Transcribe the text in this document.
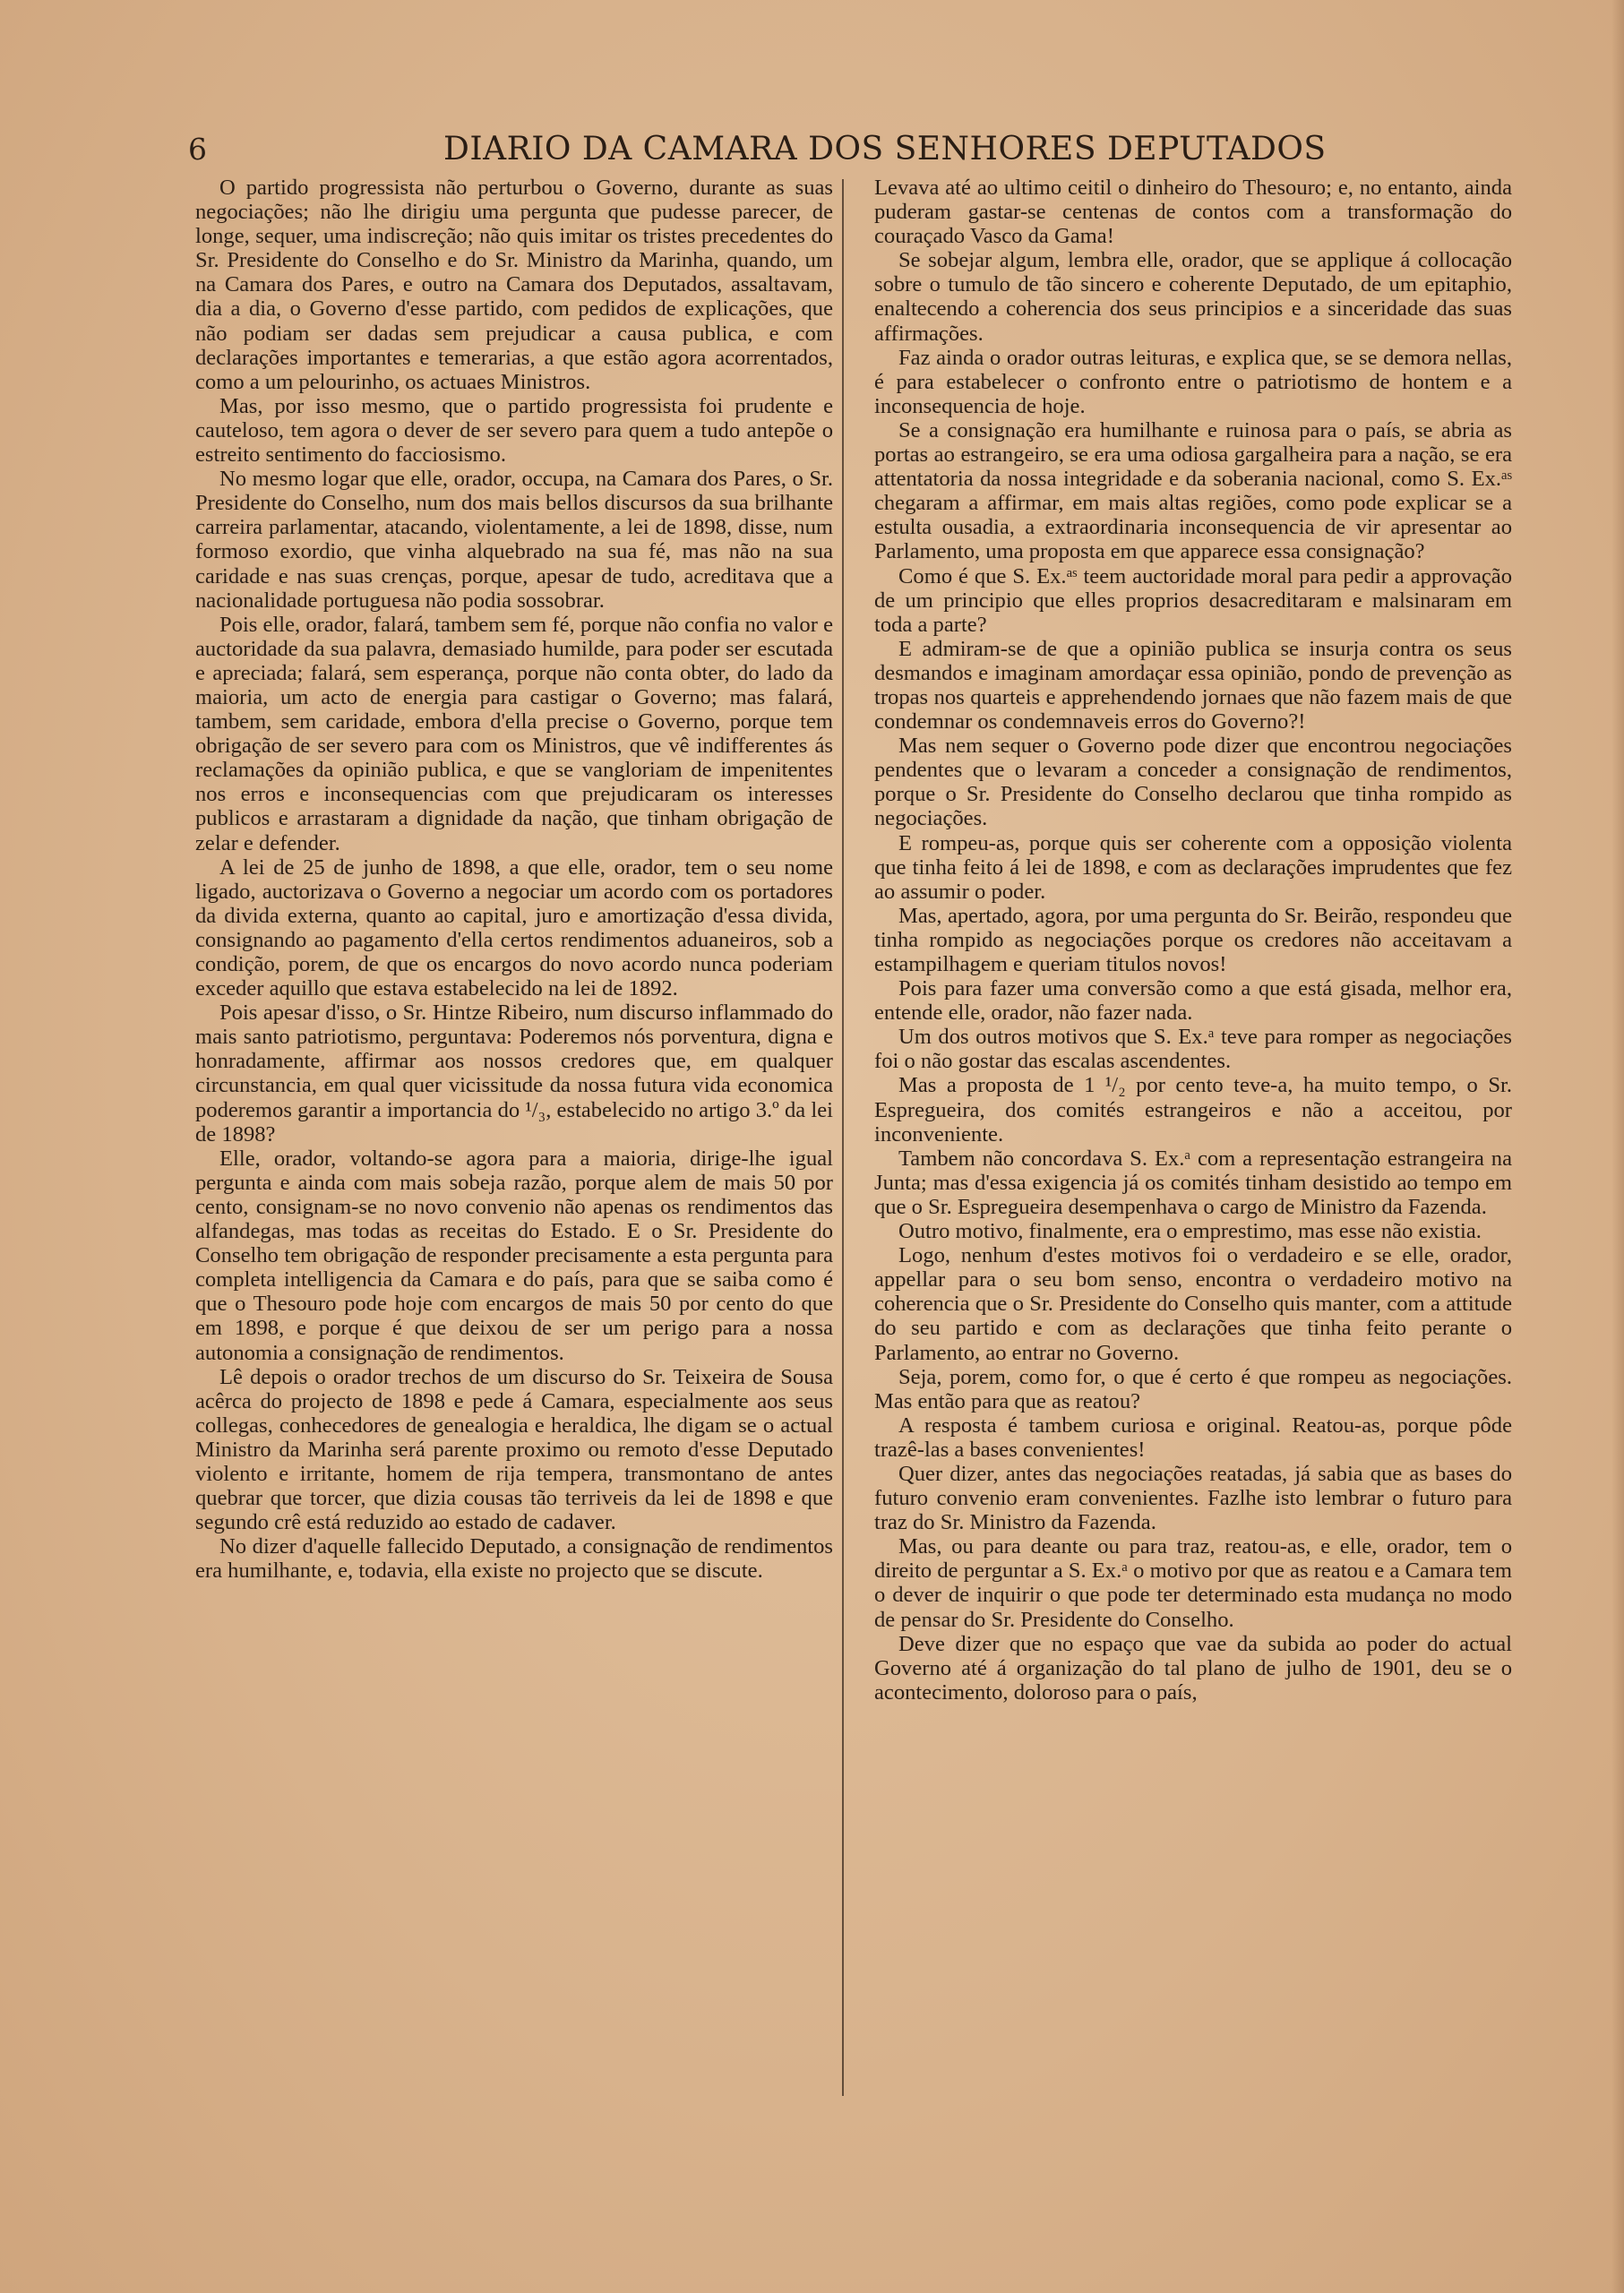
6	DIARIO DA CAMARA DOS SENHORES DEPUTADOS

O partido progressista não perturbou o Governo, durante as suas negociações; não lhe dirigiu uma pergunta que pudesse parecer, de longe, sequer, uma indiscreção; não quis imitar os tristes precedentes do Sr. Presidente do Conselho e do Sr. Ministro da Marinha, quando, um na Camara dos Pares, e outro na Camara dos Deputados, assaltavam, dia a dia, o Governo d'esse partido, com pedidos de explicações, que não podiam ser dadas sem prejudicar a causa publica, e com declarações importantes e temerarias, a que estão agora acorrentados, como a um pelourinho, os actuaes Ministros.

Mas, por isso mesmo, que o partido progressista foi prudente e cauteloso, tem agora o dever de ser severo para quem a tudo antepõe o estreito sentimento do facciosismo.

No mesmo logar que elle, orador, occupa, na Camara dos Pares, o Sr. Presidente do Conselho, num dos mais bellos discursos da sua brilhante carreira parlamentar, atacando, violentamente, a lei de 1898, disse, num formoso exordio, que vinha alquebrado na sua fé, mas não na sua caridade e nas suas crenças, porque, apesar de tudo, acreditava que a nacionalidade portuguesa não podia sossobrar.

Pois elle, orador, falará, tambem sem fé, porque não confia no valor e auctoridade da sua palavra, demasiado humilde, para poder ser escutada e apreciada; falará, sem esperança, porque não conta obter, do lado da maioria, um acto de energia para castigar o Governo; mas falará, tambem, sem caridade, embora d'ella precise o Governo, porque tem obrigação de ser severo para com os Ministros, que vê indifferentes ás reclamações da opinião publica, e que se vangloriam de impenitentes nos erros e inconsequencias com que prejudicaram os interesses publicos e arrastaram a dignidade da nação, que tinham obrigação de zelar e defender.

A lei de 25 de junho de 1898, a que elle, orador, tem o seu nome ligado, auctorizava o Governo a negociar um acordo com os portadores da divida externa, quanto ao capital, juro e amortização d'essa divida, consignando ao pagamento d'ella certos rendimentos aduaneiros, sob a condição, porem, de que os encargos do novo acordo nunca poderiam exceder aquillo que estava estabelecido na lei de 1892.

Pois apesar d'isso, o Sr. Hintze Ribeiro, num discurso inflammado do mais santo patriotismo, perguntava: Poderemos nós porventura, digna e honradamente, affirmar aos nossos credores que, em qualquer circunstancia, em qual quer vicissitude da nossa futura vida economica poderemos garantir a importancia do ¹/₃, estabelecido no artigo 3.º da lei de 1898?

Elle, orador, voltando-se agora para a maioria, dirige-lhe igual pergunta e ainda com mais sobeja razão, porque alem de mais 50 por cento, consignam-se no novo convenio não apenas os rendimentos das alfandegas, mas todas as receitas do Estado. E o Sr. Presidente do Conselho tem obrigação de responder precisamente a esta pergunta para completa intelligencia da Camara e do país, para que se saiba como é que o Thesouro pode hoje com encargos de mais 50 por cento do que em 1898, e porque é que deixou de ser um perigo para a nossa autonomia a consignação de rendimentos.

Lê depois o orador trechos de um discurso do Sr. Teixeira de Sousa acêrca do projecto de 1898 e pede á Camara, especialmente aos seus collegas, conhecedores de genealogia e heraldica, lhe digam se o actual Ministro da Marinha será parente proximo ou remoto d'esse Deputado violento e irritante, homem de rija tempera, transmontano de antes quebrar que torcer, que dizia cousas tão terriveis da lei de 1898 e que segundo crê está reduzido ao estado de cadaver.

No dizer d'aquelle fallecido Deputado, a consignação de rendimentos era humilhante, e, todavia, ella existe no projecto que se discute.

Levava até ao ultimo ceitil o dinheiro do Thesouro; e, no entanto, ainda puderam gastar-se centenas de contos com a transformação do couraçado Vasco da Gama!

Se sobejar algum, lembra elle, orador, que se applique á collocação sobre o tumulo de tão sincero e coherente Deputado, de um epitaphio, enaltecendo a coherencia dos seus principios e a sinceridade das suas affirmações.

Faz ainda o orador outras leituras, e explica que, se se demora nellas, é para estabelecer o confronto entre o patriotismo de hontem e a inconsequencia de hoje.

Se a consignação era humilhante e ruinosa para o país, se abria as portas ao estrangeiro, se era uma odiosa gargalheira para a nação, se era attentatoria da nossa integridade e da soberania nacional, como S. Ex.ᵃˢ chegaram a affirmar, em mais altas regiões, como pode explicar se a estulta ousadia, a extraordinaria inconsequencia de vir apresentar ao Parlamento, uma proposta em que apparece essa consignação?

Como é que S. Ex.ᵃˢ teem auctoridade moral para pedir a approvação de um principio que elles proprios desacreditaram e malsinaram em toda a parte?

E admiram-se de que a opinião publica se insurja contra os seus desmandos e imaginam amordaçar essa opinião, pondo de prevenção as tropas nos quarteis e apprehendendo jornaes que não fazem mais de que condemnar os condemnaveis erros do Governo?!

Mas nem sequer o Governo pode dizer que encontrou negociações pendentes que o levaram a conceder a consignação de rendimentos, porque o Sr. Presidente do Conselho declarou que tinha rompido as negociações.

E rompeu-as, porque quis ser coherente com a opposição violenta que tinha feito á lei de 1898, e com as declarações imprudentes que fez ao assumir o poder.

Mas, apertado, agora, por uma pergunta do Sr. Beirão, respondeu que tinha rompido as negociações porque os credores não acceitavam a estampilhagem e queriam titulos novos!

Pois para fazer uma conversão como a que está gisada, melhor era, entende elle, orador, não fazer nada.

Um dos outros motivos que S. Ex.ᵃ teve para romper as negociações foi o não gostar das escalas ascendentes.

Mas a proposta de 1 ¹/₂ por cento teve-a, ha muito tempo, o Sr. Espregueira, dos comités estrangeiros e não a acceitou, por inconveniente.

Tambem não concordava S. Ex.ᵃ com a representação estrangeira na Junta; mas d'essa exigencia já os comités tinham desistido ao tempo em que o Sr. Espregueira desempenhava o cargo de Ministro da Fazenda.

Outro motivo, finalmente, era o emprestimo, mas esse não existia.

Logo, nenhum d'estes motivos foi o verdadeiro e se elle, orador, appellar para o seu bom senso, encontra o verdadeiro motivo na coherencia que o Sr. Presidente do Conselho quis manter, com a attitude do seu partido e com as declarações que tinha feito perante o Parlamento, ao entrar no Governo.

Seja, porem, como for, o que é certo é que rompeu as negociações. Mas então para que as reatou?

A resposta é tambem curiosa e original. Reatou-as, porque pôde trazê-las a bases convenientes!

Quer dizer, antes das negociações reatadas, já sabia que as bases do futuro convenio eram convenientes. Fazlhe isto lembrar o futuro para traz do Sr. Ministro da Fazenda.

Mas, ou para deante ou para traz, reatou-as, e elle, orador, tem o direito de perguntar a S. Ex.ᵃ o motivo por que as reatou e a Camara tem o dever de inquirir o que pode ter determinado esta mudança no modo de pensar do Sr. Presidente do Conselho.

Deve dizer que no espaço que vae da subida ao poder do actual Governo até á organização do tal plano de julho de 1901, deu se o acontecimento, doloroso para o país,
